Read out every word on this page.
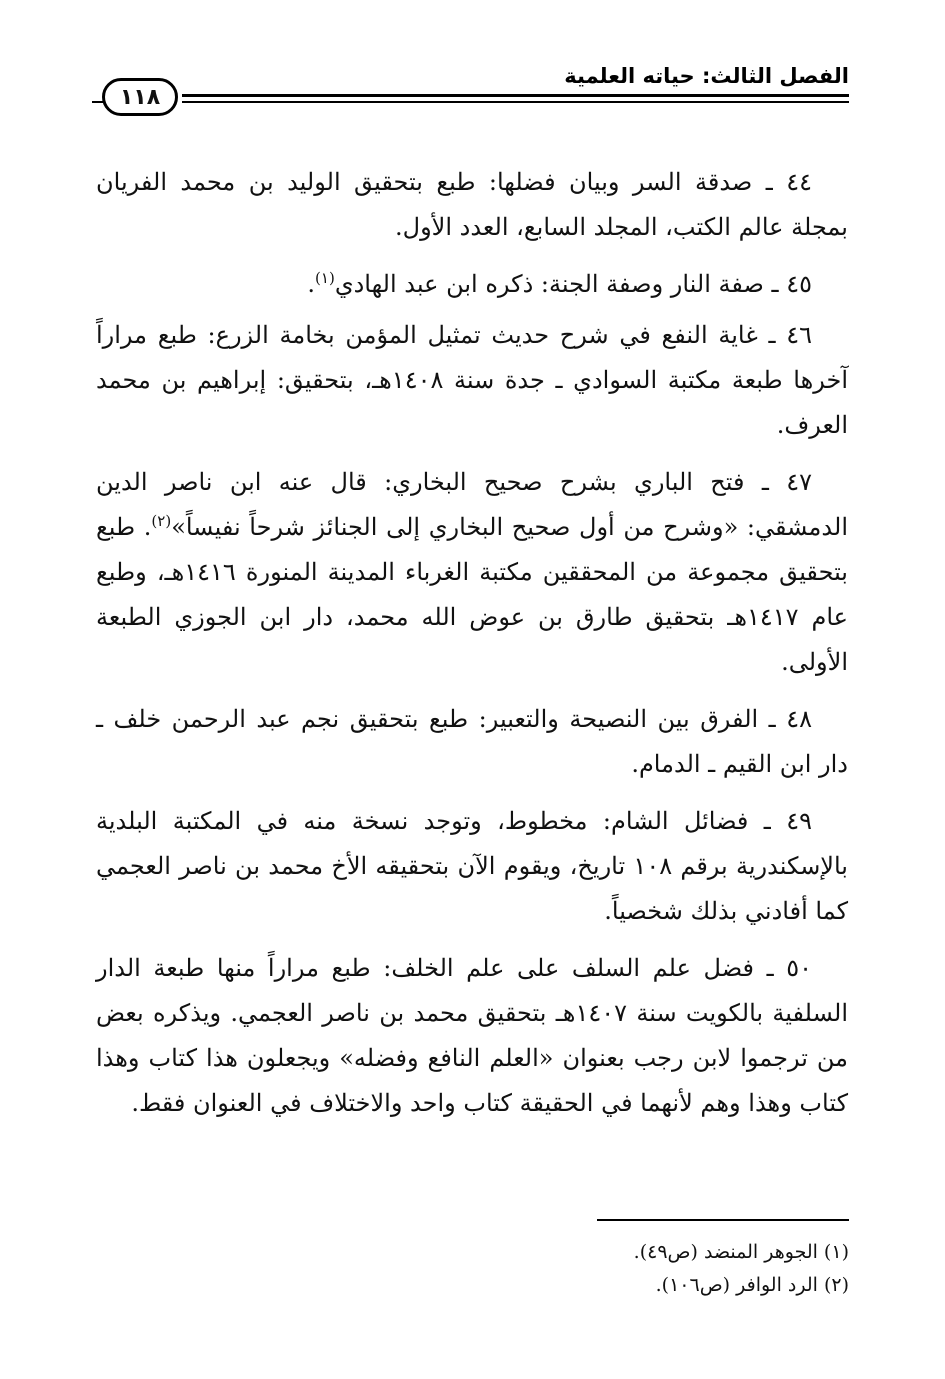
الفصل الثالث: حياته العلمية
١١٨

٤٤ ـ صدقة السر وبيان فضلها: طبع بتحقيق الوليد بن محمد الفريان بمجلة عالم الكتب، المجلد السابع، العدد الأول.

٤٥ ـ صفة النار وصفة الجنة: ذكره ابن عبد الهادي$^{(١)}$.

٤٦ ـ غاية النفع في شرح حديث تمثيل المؤمن بخامة الزرع: طبع مراراً آخرها طبعة مكتبة السوادي ـ جدة سنة ١٤٠٨هـ، بتحقيق: إبراهيم بن محمد العرف.

٤٧ ـ فتح الباري بشرح صحيح البخاري: قال عنه ابن ناصر الدين الدمشقي: «وشرح من أول صحيح البخاري إلى الجنائز شرحاً نفيساً»$^{(٢)}$. طبع بتحقيق مجموعة من المحققين مكتبة الغرباء المدينة المنورة ١٤١٦هـ، وطبع عام ١٤١٧هـ بتحقيق طارق بن عوض الله محمد، دار ابن الجوزي الطبعة الأولى.

٤٨ ـ الفرق بين النصيحة والتعبير: طبع بتحقيق نجم عبد الرحمن خلف ـ دار ابن القيم ـ الدمام.

٤٩ ـ فضائل الشام: مخطوط، وتوجد نسخة منه في المكتبة البلدية بالإسكندرية برقم ١٠٨ تاريخ، ويقوم الآن بتحقيقه الأخ محمد بن ناصر العجمي كما أفادني بذلك شخصياً.

٥٠ ـ فضل علم السلف على علم الخلف: طبع مراراً منها طبعة الدار السلفية بالكويت سنة ١٤٠٧هـ بتحقيق محمد بن ناصر العجمي. ويذكره بعض من ترجموا لابن رجب بعنوان «العلم النافع وفضله» ويجعلون هذا كتاب وهذا كتاب وهذا وهم لأنهما في الحقيقة كتاب واحد والاختلاف في العنوان فقط.

(١) الجوهر المنضد (ص٤٩).
(٢) الرد الوافر (ص١٠٦).
